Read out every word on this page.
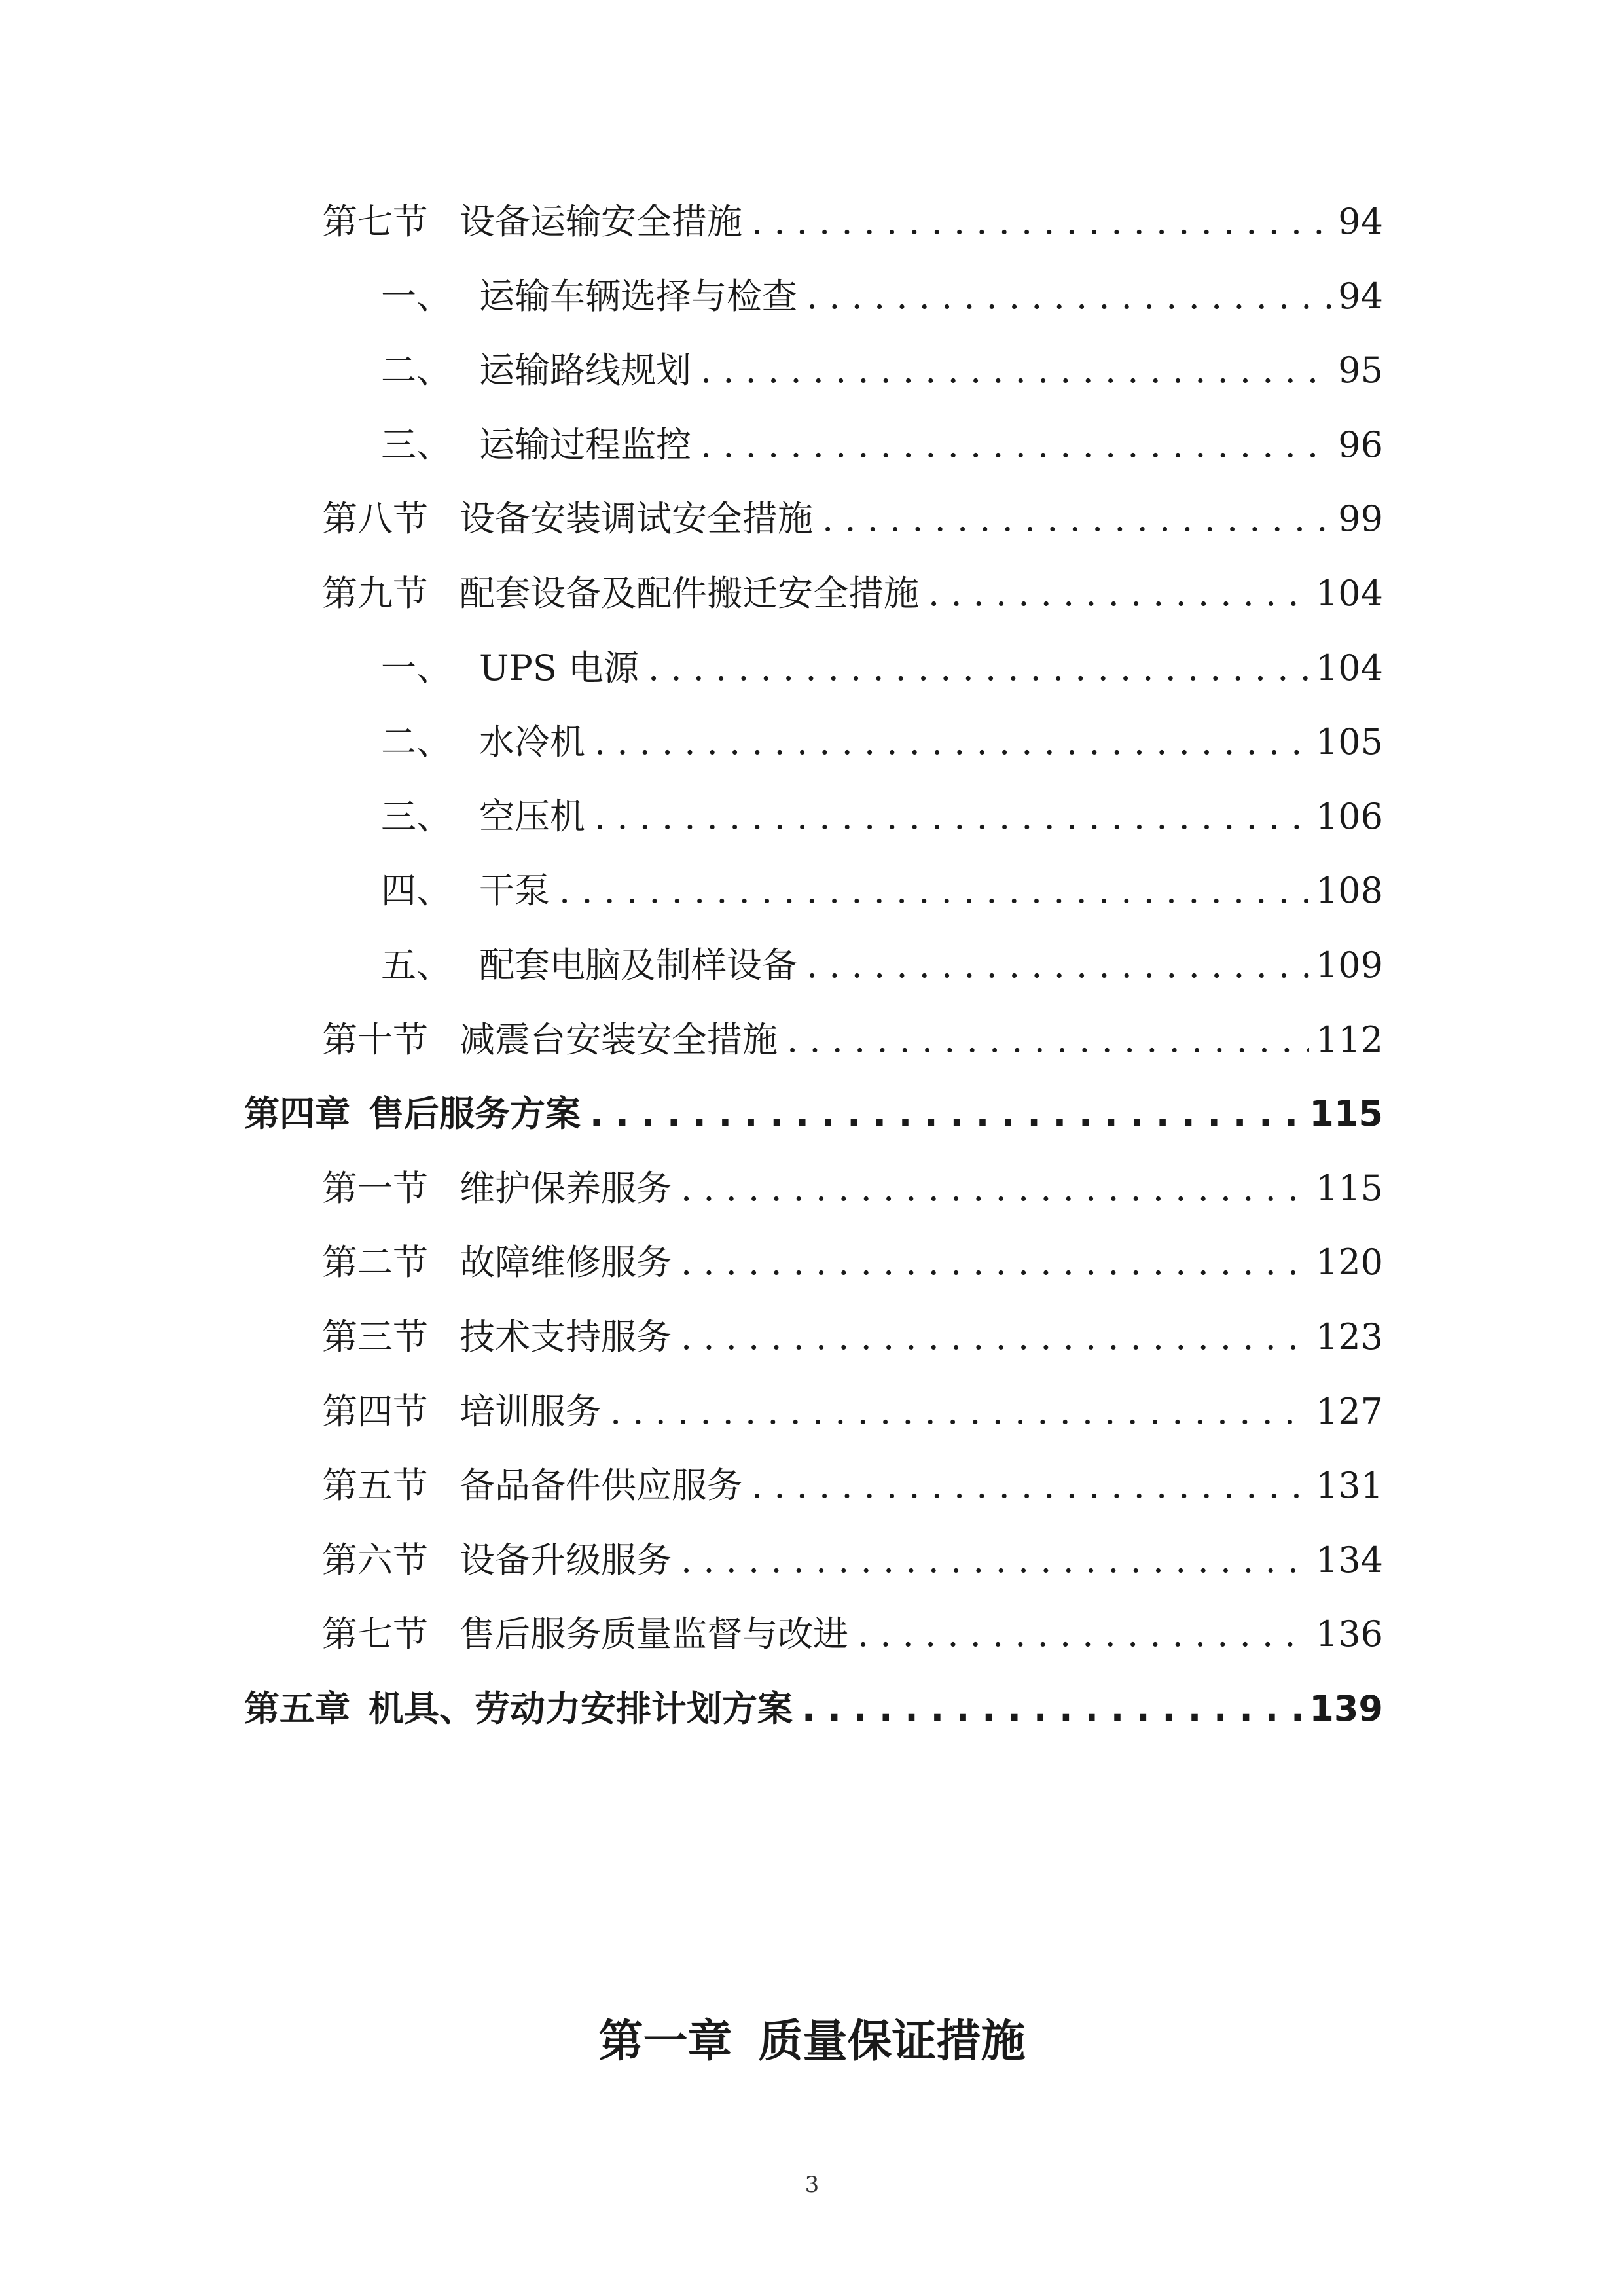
第七节 设备运输安全措施 . . .	94
一、 运输车辆选择与检查 . . .	94
二、 运输路线规划 . . .	95
三、 运输过程监控 . . .	96
第八节 设备安装调试安全措施 . . .	99
第九节 配套设备及配件搬迁安全措施 . . .	104
一、 UPS 电源 . . .	104
二、 水冷机 . . .	105
三、 空压机 . . .	106
四、 干泵 . . .	108
五、 配套电脑及制样设备 . . .	109
第十节 减震台安装安全措施 . . .	112
第四章 售后服务方案 . . .	115
第一节 维护保养服务 . . .	115
第二节 故障维修服务 . . .	120
第三节 技术支持服务 . . .	123
第四节 培训服务 . . .	127
第五节 备品备件供应服务 . . .	131
第六节 设备升级服务 . . .	134
第七节 售后服务质量监督与改进 . . .	136
第五章 机具、劳动力安排计划方案 . . .	139
第一章 质量保证措施
3
